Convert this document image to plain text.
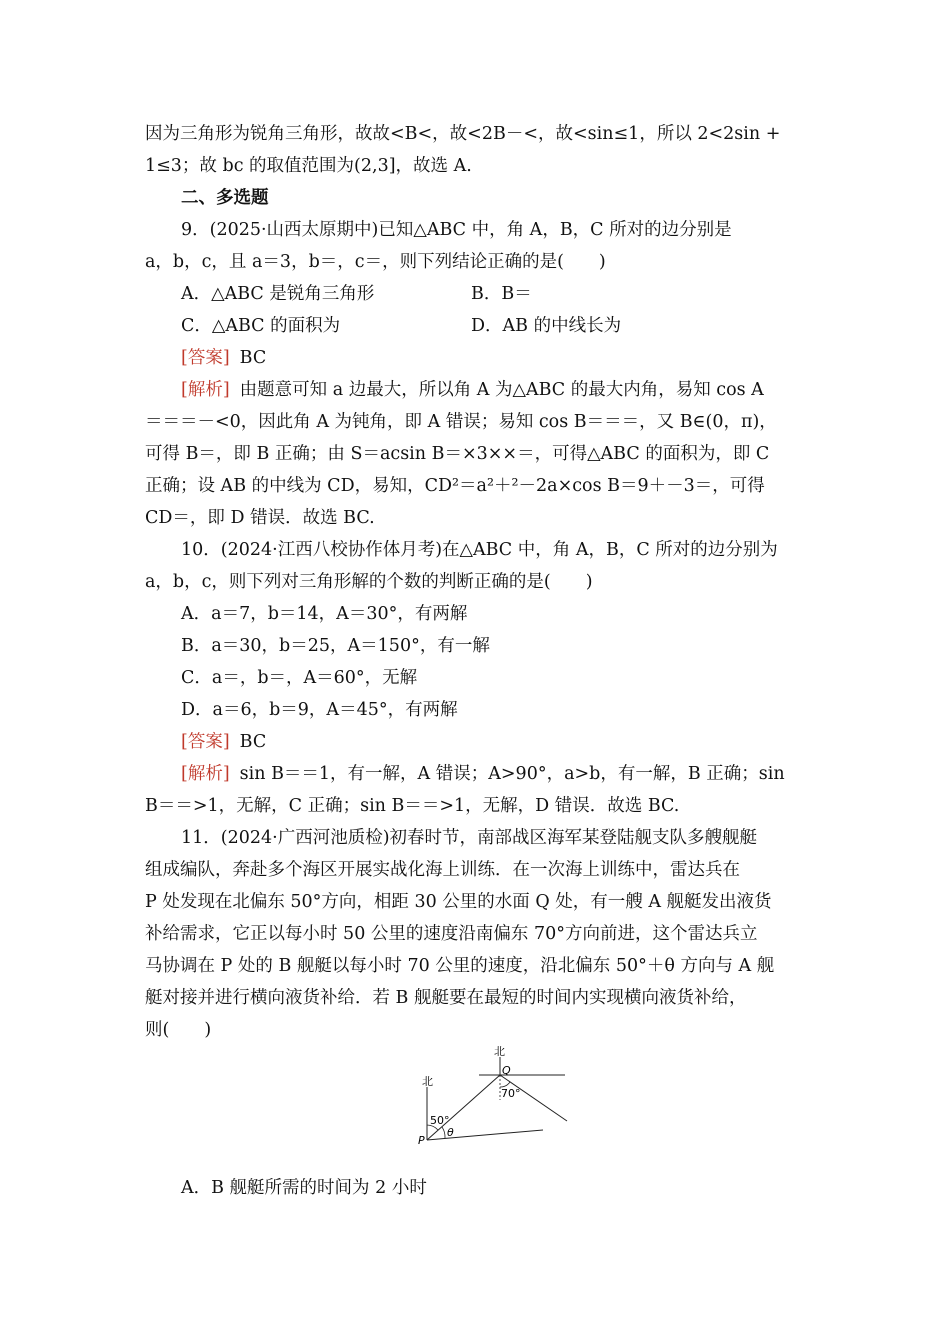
因为三角形为锐角三角形，故故<B<，故<2B－<，故<sin≤1，所以 2<2sin +
1≤3；故 bc 的取值范围为(2,3]，故选 A.
二、多选题
9．(2025·山西太原期中)已知△ABC 中，角 A，B，C 所对的边分别是
a，b，c，且 a＝3，b＝，c＝，则下列结论正确的是(　　)
A．△ABC 是锐角三角形	B．B＝
C．△ABC 的面积为	D．AB 的中线长为
[答案] BC
[解析] 由题意可知 a 边最大，所以角 A 为△ABC 的最大内角，易知 cos A
＝＝＝－<0，因此角 A 为钝角，即 A 错误；易知 cos B＝＝＝，又 B∈(0，π)，
可得 B＝，即 B 正确；由 S＝acsin B＝×3××＝，可得△ABC 的面积为，即 C
正确；设 AB 的中线为 CD，易知，CD²＝a²＋²－2a×cos B＝9＋－3＝，可得
CD＝，即 D 错误．故选 BC.
10．(2024·江西八校协作体月考)在△ABC 中，角 A，B，C 所对的边分别为
a，b，c，则下列对三角形解的个数的判断正确的是(　　)
A．a＝7，b＝14，A＝30°，有两解
B．a＝30，b＝25，A＝150°，有一解
C．a＝，b＝，A＝60°，无解
D．a＝6，b＝9，A＝45°，有两解
[答案] BC
[解析] sin B＝＝1，有一解，A 错误；A>90°，a>b，有一解，B 正确；sin
B＝＝>1，无解，C 正确；sin B＝＝>1，无解，D 错误．故选 BC.
11．(2024·广西河池质检)初春时节，南部战区海军某登陆舰支队多艘舰艇
组成编队，奔赴多个海区开展实战化海上训练．在一次海上训练中，雷达兵在
P 处发现在北偏东 50°方向，相距 30 公里的水面 Q 处，有一艘 A 舰艇发出液货
补给需求，它正以每小时 50 公里的速度沿南偏东 70°方向前进，这个雷达兵立
马协调在 P 处的 B 舰艇以每小时 70 公里的速度，沿北偏东 50°＋θ 方向与 A 舰
艇对接并进行横向液货补给．若 B 舰艇要在最短的时间内实现横向液货补给，
则(　　)
北
北
Q
P
50°
70°
θ
A．B 舰艇所需的时间为 2 小时
